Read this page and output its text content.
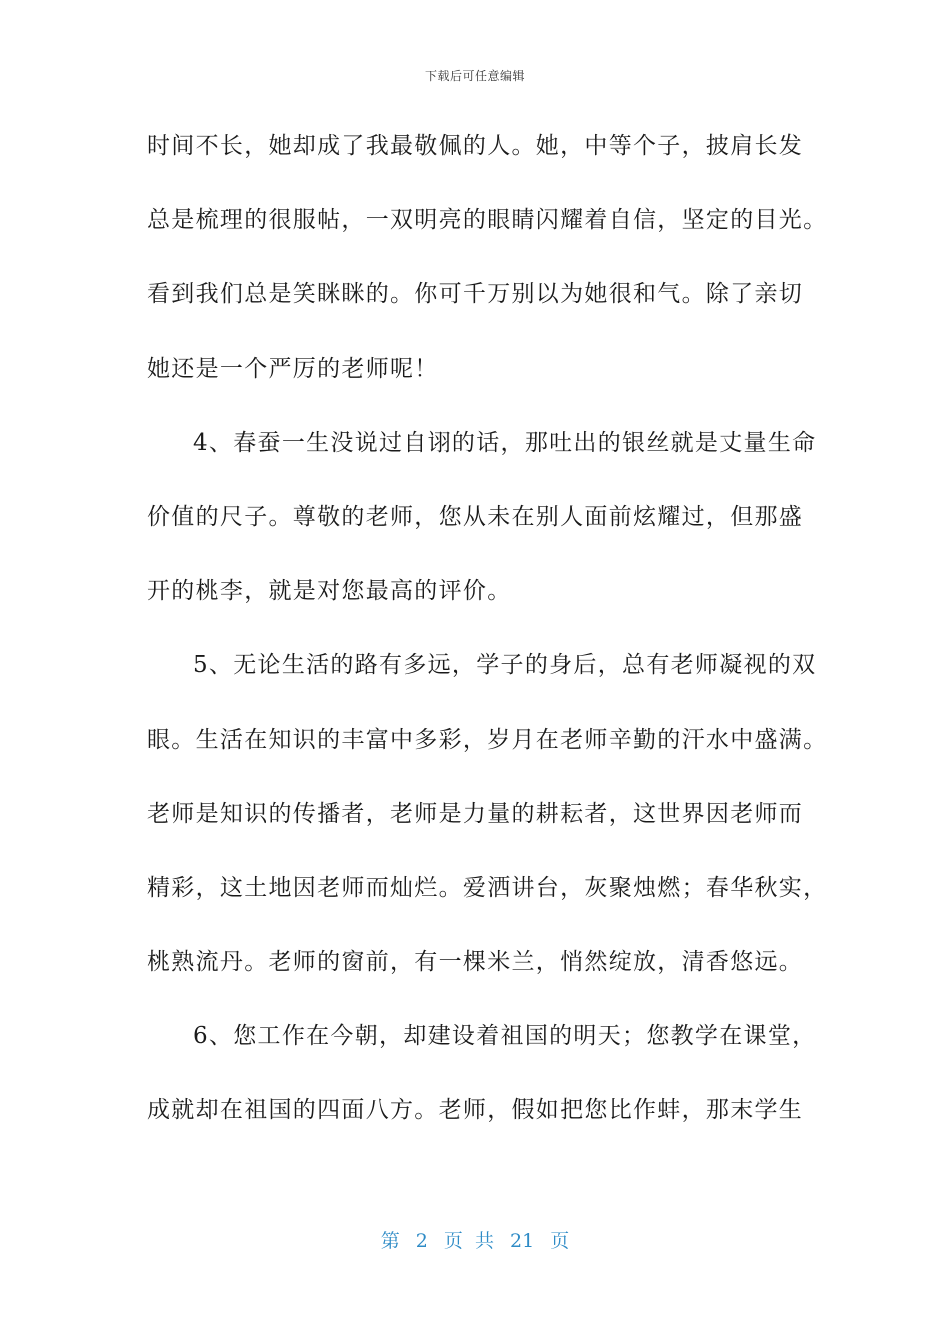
下载后可任意编辑
时间不长，她却成了我最敬佩的人。她，中等个子，披肩长发
总是梳理的很服帖，一双明亮的眼睛闪耀着自信，坚定的目光。
看到我们总是笑眯眯的。你可千万别以为她很和气。除了亲切
她还是一个严厉的老师呢！
4、春蚕一生没说过自诩的话，那吐出的银丝就是丈量生命
价值的尺子。尊敬的老师，您从未在别人面前炫耀过，但那盛
开的桃李，就是对您最高的评价。
5、无论生活的路有多远，学子的身后，总有老师凝视的双
眼。生活在知识的丰富中多彩，岁月在老师辛勤的汗水中盛满。
老师是知识的传播者，老师是力量的耕耘者，这世界因老师而
精彩，这土地因老师而灿烂。爱洒讲台，灰聚烛燃；春华秋实，
桃熟流丹。老师的窗前，有一棵米兰，悄然绽放，清香悠远。
6、您工作在今朝，却建设着祖国的明天；您教学在课堂，
成就却在祖国的四面八方。老师，假如把您比作蚌，那末学生
第 2 页 共 21 页
